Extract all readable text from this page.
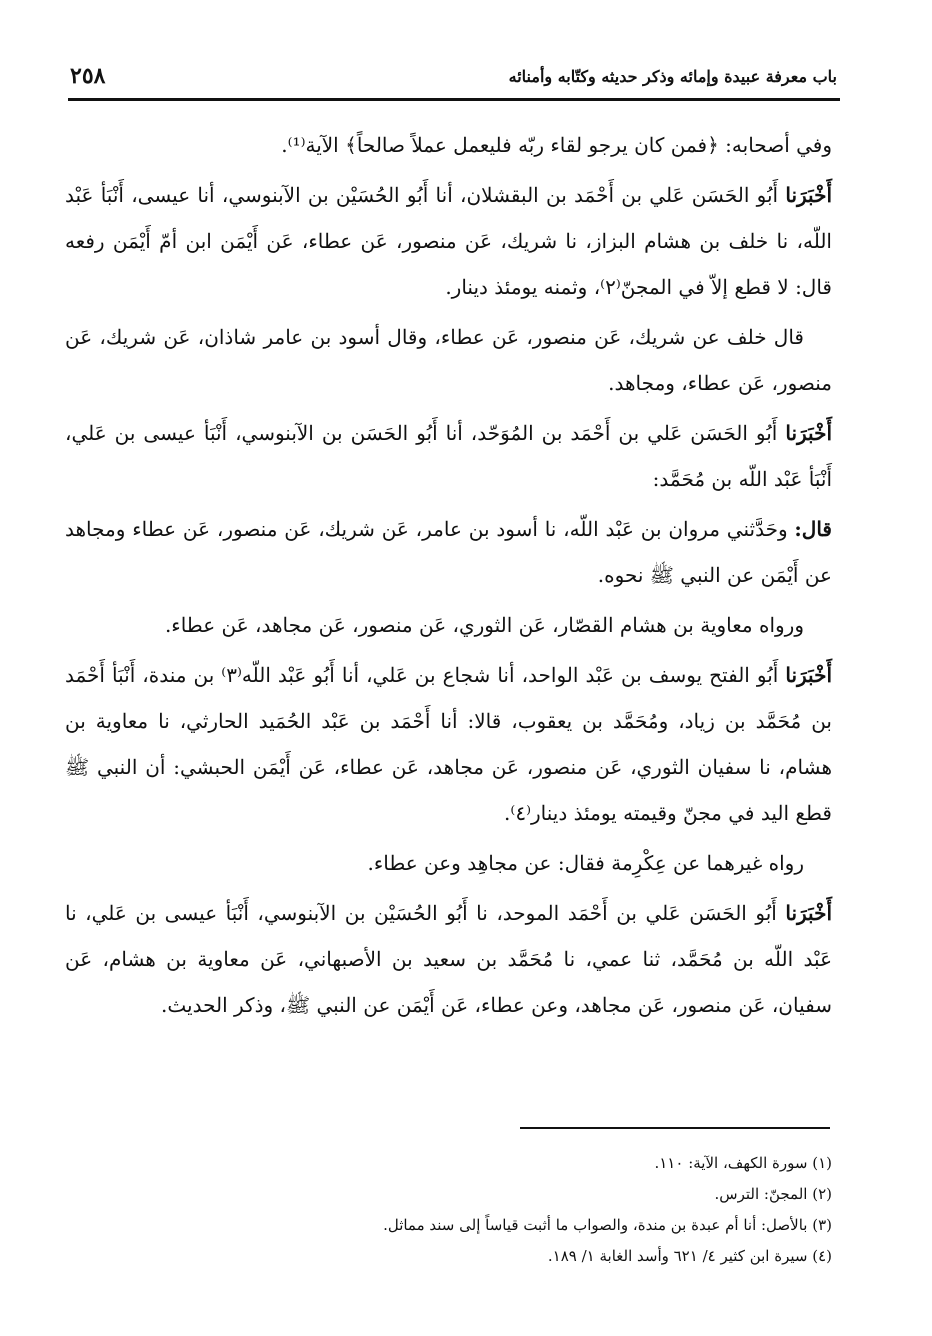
باب معرفة عبيدة وإمائه وذكر حديثه وكتّابه وأمنائه
٢٥٨

وفي أصحابه: ﴿فمن كان يرجو لقاء ربّه فليعمل عملاً صالحاً﴾ الآية⁽¹⁾.

أَخْبَرَنا أَبُو الحَسَن عَلي بن أَحْمَد بن البقشلان، أنا أَبُو الحُسَيْن بن الآبنوسي، أنا عيسى، أَنْبَأ عَبْد اللّه، نا خلف بن هشام البزاز، نا شريك، عَن منصور، عَن عطاء، عَن أَيْمَن ابن أمّ أَيْمَن رفعه قال: لا قطع إلاّ في المجنّ⁽٢⁾، وثمنه يومئذ دينار.

قال خلف عن شريك، عَن منصور، عَن عطاء، وقال أسود بن عامر شاذان، عَن شريك، عَن منصور، عَن عطاء، ومجاهد.

أَخْبَرَنا أَبُو الحَسَن عَلي بن أَحْمَد بن المُوَحّد، أنا أَبُو الحَسَن بن الآبنوسي، أَنْبَأ عيسى بن عَلي، أَنْبَأ عَبْد اللّه بن مُحَمَّد:

قال: وحَدَّثني مروان بن عَبْد اللّه، نا أسود بن عامر، عَن شريك، عَن منصور، عَن عطاء ومجاهد عن أَيْمَن عن النبي ﷺ نحوه.

ورواه معاوية بن هشام القصّار، عَن الثوري، عَن منصور، عَن مجاهد، عَن عطاء.

أَخْبَرَنا أَبُو الفتح يوسف بن عَبْد الواحد، أنا شجاع بن عَلي، أنا أَبُو عَبْد اللّه⁽٣⁾ بن مندة، أَنْبَأ أَحْمَد بن مُحَمَّد بن زياد، ومُحَمَّد بن يعقوب، قالا: أنا أَحْمَد بن عَبْد الحُمَيد الحارثي، نا معاوية بن هشام، نا سفيان الثوري، عَن منصور، عَن مجاهد، عَن عطاء، عَن أَيْمَن الحبشي: أن النبي ﷺ قطع اليد في مجنّ وقيمته يومئذ دينار⁽٤⁾.

رواه غيرهما عن عِكْرِمة فقال: عن مجاهِد وعن عطاء.

أَخْبَرَنا أَبُو الحَسَن عَلي بن أَحْمَد الموحد، نا أَبُو الحُسَيْن بن الآبنوسي، أَنْبَأ عيسى بن عَلي، نا عَبْد اللّه بن مُحَمَّد، ثنا عمي، نا مُحَمَّد بن سعيد بن الأصبهاني، عَن معاوية بن هشام، عَن سفيان، عَن منصور، عَن مجاهد، وعن عطاء، عَن أَيْمَن عن النبي ﷺ، وذكر الحديث.

(١) سورة الكهف، الآية: ١١٠.

(٢) المجنّ: الترس.

(٣) بالأصل: أنا أم عبدة بن مندة، والصواب ما أثبت قياساً إلى سند مماثل.

(٤) سيرة ابن كثير ٤/ ٦٢١ وأسد الغابة ١/ ١٨٩.
